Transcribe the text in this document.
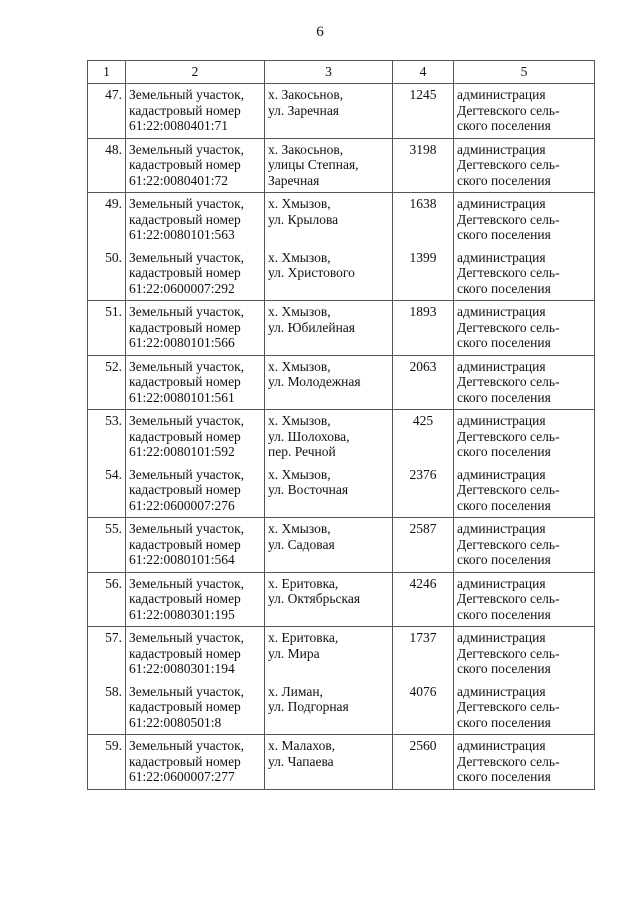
6
1	2	3	4	5
47.	Земельный участок,
кадастровый номер
61:22:0080401:71	х. Закосьнов,
ул. Заречная	1245	администрация
Дегтевского сель-
ского поселения

48.	Земельный участок,
кадастровый номер
61:22:0080401:72	х. Закосьнов,
улицы Степная,
Заречная	3198	администрация
Дегтевского сель-
ского поселения

49.	Земельный участок,
кадастровый номер
61:22:0080101:563	х. Хмызов,
ул. Крылова	1638	администрация
Дегтевского сель-
ского поселения

50.	Земельный участок,
кадастровый номер
61:22:0600007:292	х. Хмызов,
ул. Христового	1399	администрация
Дегтевского сель-
ского поселения

51.	Земельный участок,
кадастровый номер
61:22:0080101:566	х. Хмызов,
ул. Юбилейная	1893	администрация
Дегтевского сель-
ского поселения

52.	Земельный участок,
кадастровый номер
61:22:0080101:561	х. Хмызов,
ул. Молодежная	2063	администрация
Дегтевского сель-
ского поселения

53.	Земельный участок,
кадастровый номер
61:22:0080101:592	х. Хмызов,
ул. Шолохова,
пер. Речной	425	администрация
Дегтевского сель-
ского поселения

54.	Земельный участок,
кадастровый номер
61:22:0600007:276	х. Хмызов,
ул. Восточная	2376	администрация
Дегтевского сель-
ского поселения

55.	Земельный участок,
кадастровый номер
61:22:0080101:564	х. Хмызов,
ул. Садовая	2587	администрация
Дегтевского сель-
ского поселения

56.	Земельный участок,
кадастровый номер
61:22:0080301:195	х. Еритовка,
ул. Октябрьская	4246	администрация
Дегтевского сель-
ского поселения

57.	Земельный участок,
кадастровый номер
61:22:0080301:194	х. Еритовка,
ул. Мира	1737	администрация
Дегтевского сель-
ского поселения

58.	Земельный участок,
кадастровый номер
61:22:0080501:8	х. Лиман,
ул. Подгорная	4076	администрация
Дегтевского сель-
ского поселения

59.	Земельный участок,
кадастровый номер
61:22:0600007:277	х. Малахов,
ул. Чапаева	2560	администрация
Дегтевского сель-
ского поселения
